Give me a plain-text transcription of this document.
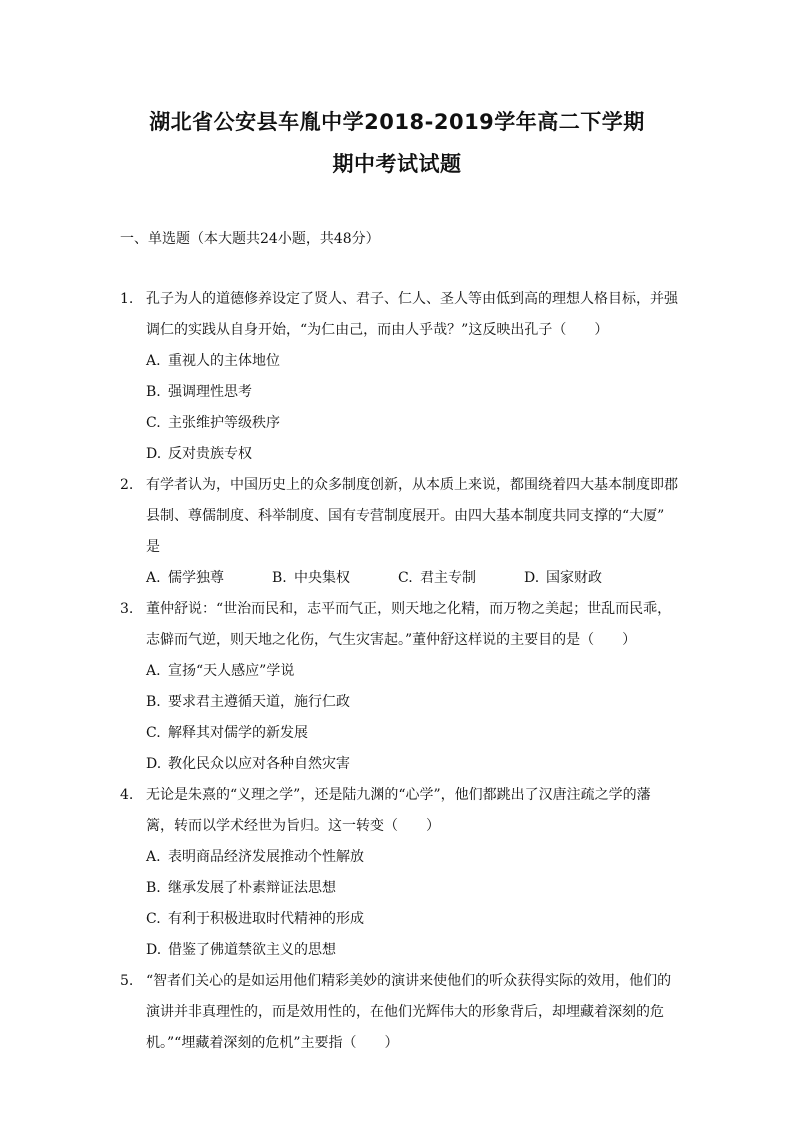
湖北省公安县车胤中学2018-2019学年高二下学期
期中考试试题
一、单选题（本大题共24小题，共48分）
1. 孔子为人的道德修养设定了贤人、君子、仁人、圣人等由低到高的理想人格目标，并强
调仁的实践从自身开始，“为仁由己，而由人乎哉？”这反映出孔子（　　）
A. 重视人的主体地位
B. 强调理性思考
C. 主张维护等级秩序
D. 反对贵族专权
2. 有学者认为，中国历史上的众多制度创新，从本质上来说，都围绕着四大基本制度即郡
县制、尊儒制度、科举制度、国有专营制度展开。由四大基本制度共同支撑的“大厦”
是
A. 儒学独尊	B. 中央集权	C. 君主专制	D. 国家财政
3. 董仲舒说：“世治而民和，志平而气正，则天地之化精，而万物之美起；世乱而民乖，
志僻而气逆，则天地之化伤，气生灾害起。”董仲舒这样说的主要目的是（　　）
A. 宣扬“天人感应”学说
B. 要求君主遵循天道，施行仁政
C. 解释其对儒学的新发展
D. 教化民众以应对各种自然灾害
4. 无论是朱熹的“义理之学”，还是陆九渊的“心学”，他们都跳出了汉唐注疏之学的藩
篱，转而以学术经世为旨归。这一转变（　　）
A. 表明商品经济发展推动个性解放
B. 继承发展了朴素辩证法思想
C. 有利于积极进取时代精神的形成
D. 借鉴了佛道禁欲主义的思想
5. “智者们关心的是如运用他们精彩美妙的演讲来使他们的听众获得实际的效用，他们的
演讲并非真理性的，而是效用性的，在他们光辉伟大的形象背后，却埋藏着深刻的危
机。”“埋藏着深刻的危机”主要指（　　）
